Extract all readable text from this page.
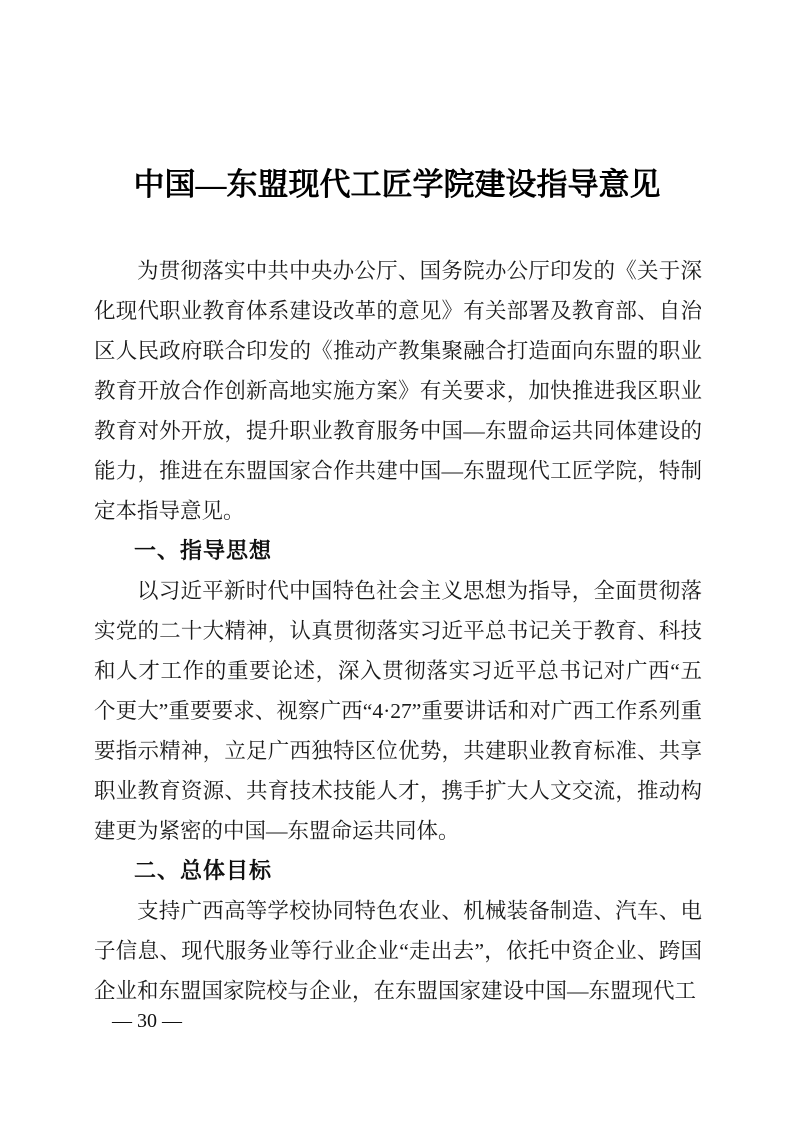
中国—东盟现代工匠学院建设指导意见

为贯彻落实中共中央办公厅、国务院办公厅印发的《关于深化现代职业教育体系建设改革的意见》有关部署及教育部、自治区人民政府联合印发的《推动产教集聚融合打造面向东盟的职业教育开放合作创新高地实施方案》有关要求，加快推进我区职业教育对外开放，提升职业教育服务中国—东盟命运共同体建设的能力，推进在东盟国家合作共建中国—东盟现代工匠学院，特制定本指导意见。

一、指导思想

以习近平新时代中国特色社会主义思想为指导，全面贯彻落实党的二十大精神，认真贯彻落实习近平总书记关于教育、科技和人才工作的重要论述，深入贯彻落实习近平总书记对广西“五个更大”重要要求、视察广西“4·27”重要讲话和对广西工作系列重要指示精神，立足广西独特区位优势，共建职业教育标准、共享职业教育资源、共育技术技能人才，携手扩大人文交流，推动构建更为紧密的中国—东盟命运共同体。

二、总体目标

支持广西高等学校协同特色农业、机械装备制造、汽车、电子信息、现代服务业等行业企业“走出去”，依托中资企业、跨国企业和东盟国家院校与企业，在东盟国家建设中国—东盟现代工

— 30 —
